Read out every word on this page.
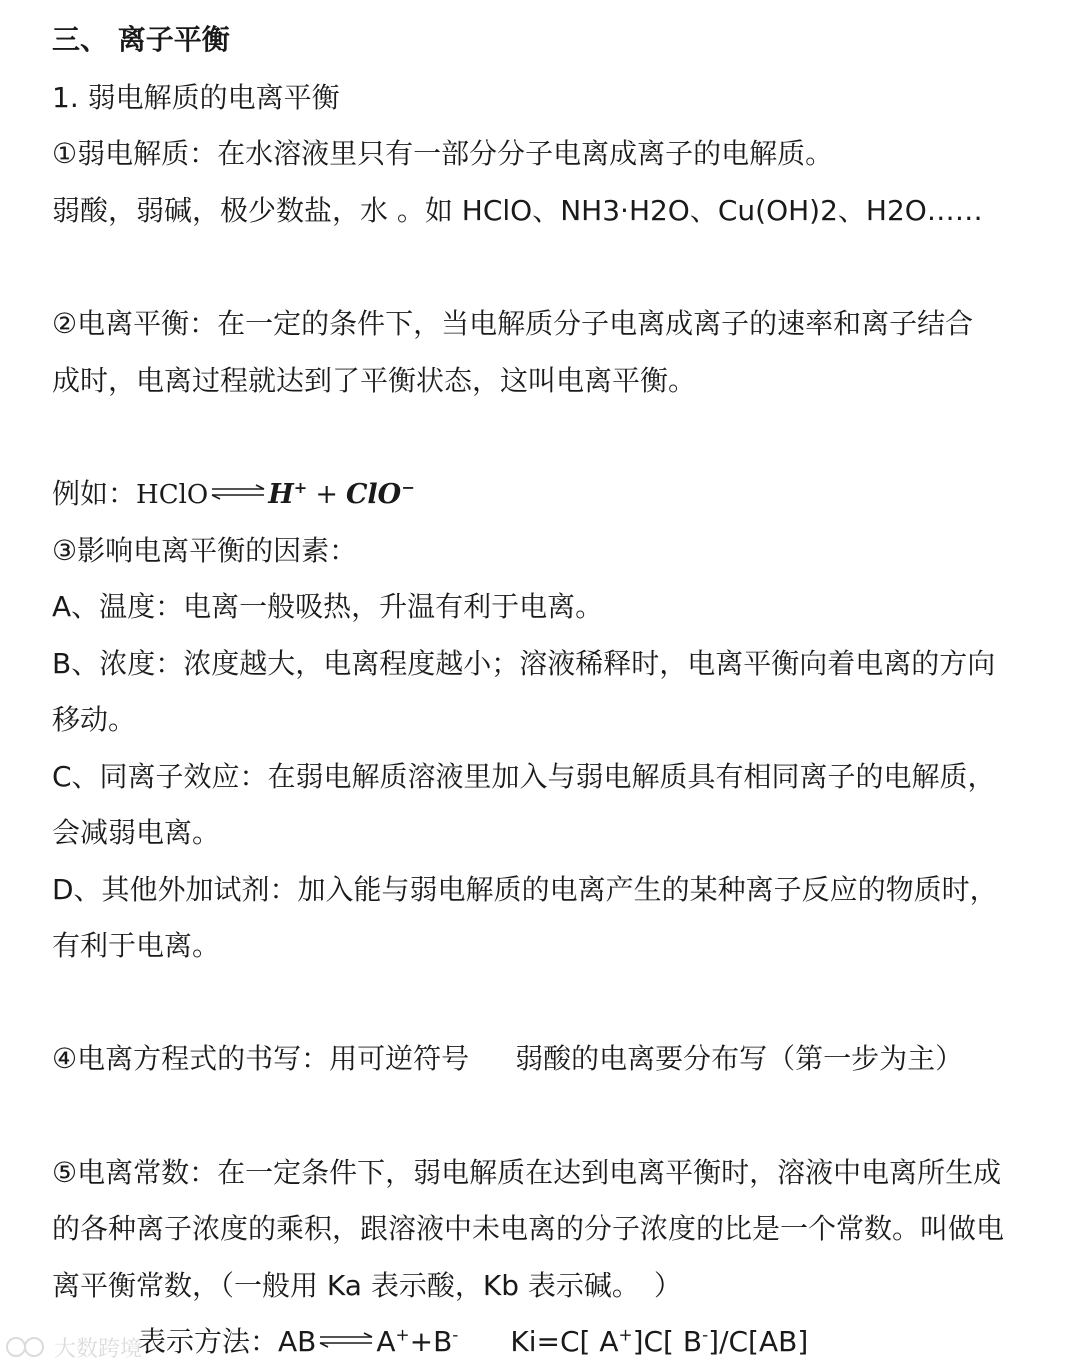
三、 离子平衡
1. 弱电解质的电离平衡
①弱电解质：在水溶液里只有一部分分子电离成离子的电解质。
弱酸，弱碱，极少数盐，水 。如 HClO、NH3·H2O、Cu(OH)2、H2O……
②电离平衡：在一定的条件下，当电解质分子电离成离子的速率和离子结合
成时，电离过程就达到了平衡状态，这叫电离平衡。
例如： HClO ⇌ H+ + ClO−
③影响电离平衡的因素：
A、温度：电离一般吸热，升温有利于电离。
B、浓度：浓度越大，电离程度越小；溶液稀释时，电离平衡向着电离的方向
移动。
C、同离子效应：在弱电解质溶液里加入与弱电解质具有相同离子的电解质，
会减弱电离。
D、其他外加试剂：加入能与弱电解质的电离产生的某种离子反应的物质时，
有利于电离。
④电离方程式的书写：用可逆符号 弱酸的电离要分布写（第一步为主）
⑤电离常数：在一定条件下，弱电解质在达到电离平衡时，溶液中电离所生成
的各种离子浓度的乘积，跟溶液中未电离的分子浓度的比是一个常数。叫做电
离平衡常数，（一般用 Ka 表示酸，Kb 表示碱。　）
表示方法： AB ⇌ A+ + B- Ki=C[ A+]C[ B-]/C[AB]
大数跨境
